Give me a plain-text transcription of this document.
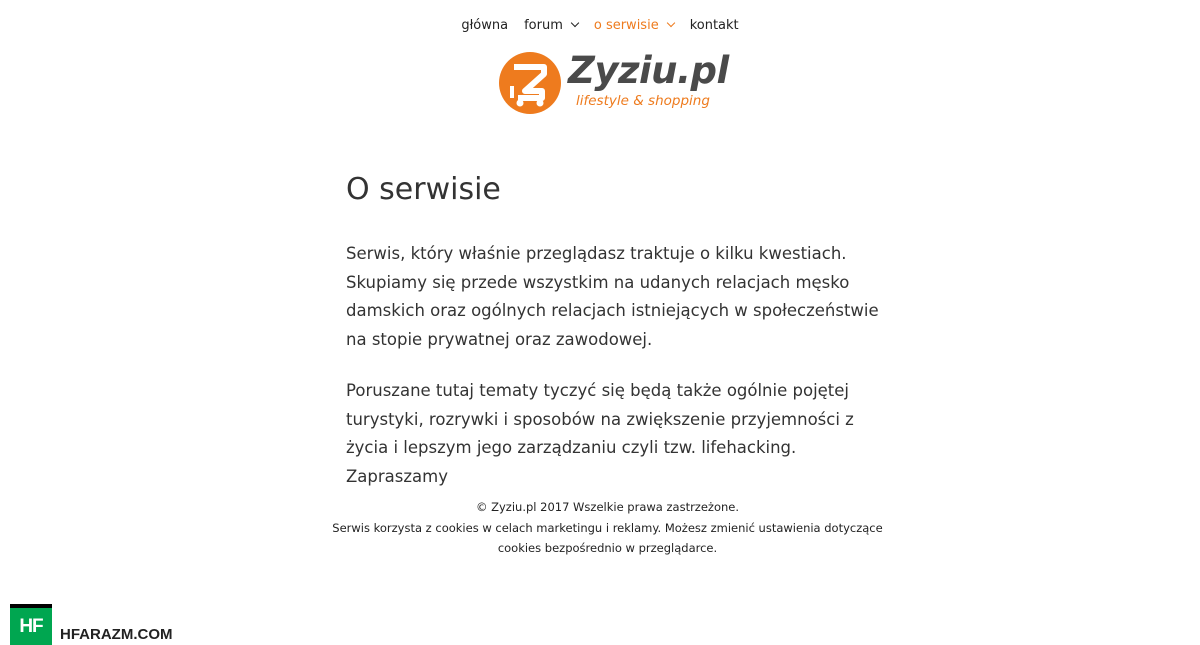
główna forum o serwisie kontakt
Zyziu.pl
lifestyle & shopping
O serwisie

Serwis, który właśnie przeglądasz traktuje o kilku kwestiach. Skupiamy się przede wszystkim na udanych relacjach męsko damskich oraz ogólnych relacjach istniejących w społeczeństwie na stopie prywatnej oraz zawodowej.

Poruszane tutaj tematy tyczyć się będą także ogólnie pojętej turystyki, rozrywki i sposobów na zwiększenie przyjemności z życia i lepszym jego zarządzaniu czyli tzw. lifehacking. Zapraszamy

© Zyziu.pl 2017 Wszelkie prawa zastrzeżone.
Serwis korzysta z cookies w celach marketingu i reklamy. Możesz zmienić ustawienia dotyczące cookies bezpośrednio w przeglądarce.
HF	HFARAZM.COM
